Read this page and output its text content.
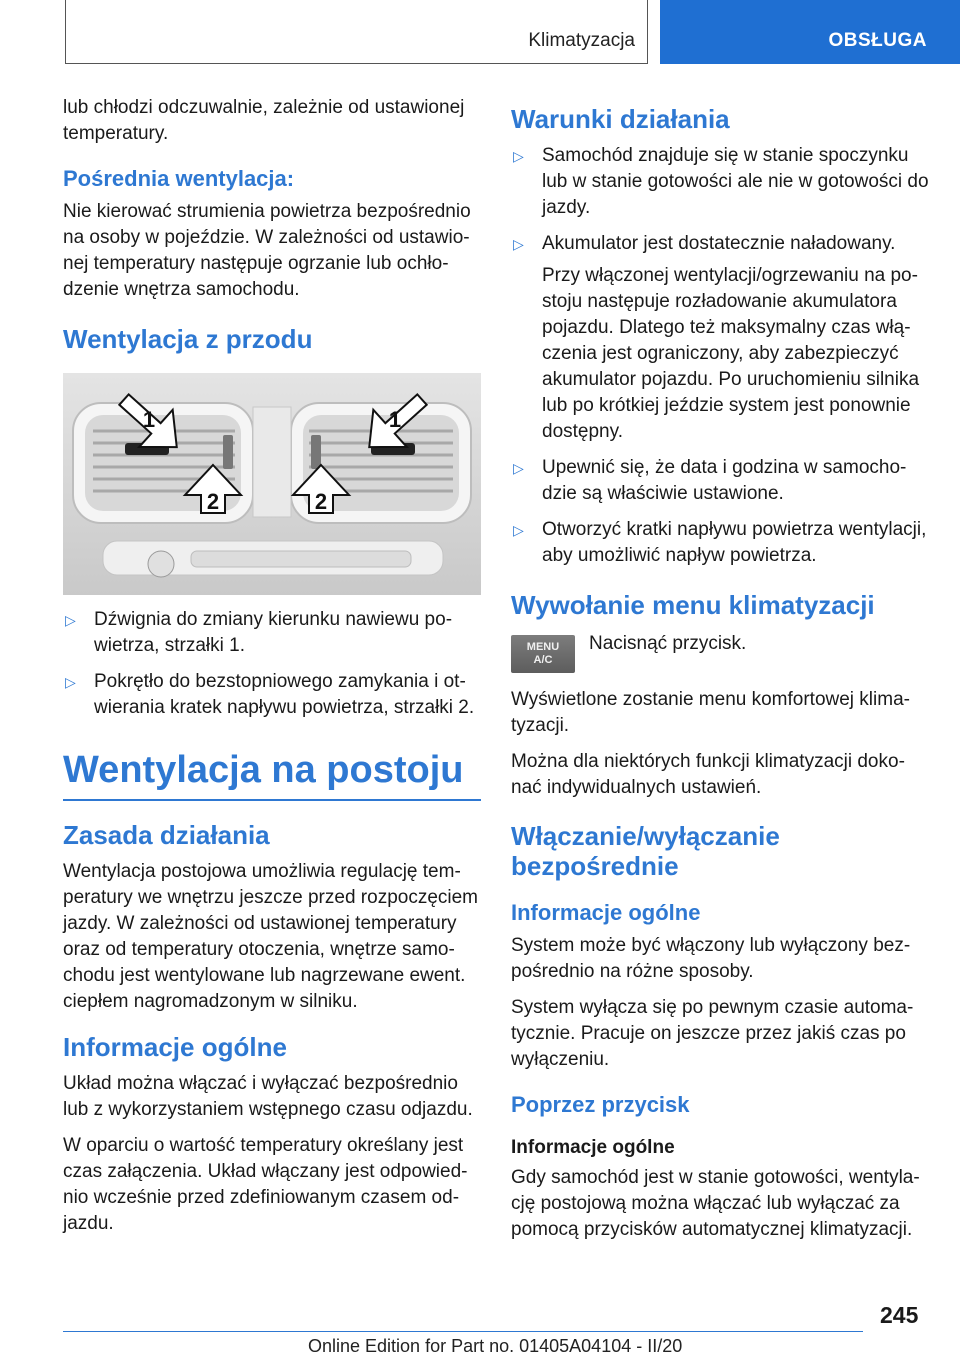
Klimatyzacja	OBSŁUGA

lub chłodzi odczuwalnie, zależnie od ustawionej temperatury.

Pośrednia wentylacja:

Nie kierować strumienia powietrza bezpośrednio na osoby w pojeździe. W zależności od ustawionej temperatury następuje ogrzanie lub ochłodzenie wnętrza samochodu.

Wentylacja z przodu
1
2	2
1
▷ Dźwignia do zmiany kierunku nawiewu powietrza, strzałki 1.
▷ Pokrętło do bezstopniowego zamykania i otwierania kratek napływu powietrza, strzałki 2.
Wentylacja na postoju
Zasada działania

Wentylacja postojowa umożliwia regulację temperatury we wnętrzu jeszcze przed rozpoczęciem jazdy. W zależności od ustawionej temperatury oraz od temperatury otoczenia, wnętrze samochodu jest wentylowane lub nagrzewane ewent. ciepłem nagromadzonym w silniku.

Informacje ogólne

Układ można włączać i wyłączać bezpośrednio lub z wykorzystaniem wstępnego czasu odjazdu.

W oparciu o wartość temperatury określany jest czas załączenia. Układ włączany jest odpowiednio wcześnie przed zdefiniowanym czasem odjazdu.

Warunki działania
▷ Samochód znajduje się w stanie spoczynku lub w stanie gotowości ale nie w gotowości do jazdy.
▷ Akumulator jest dostatecznie naładowany.

Przy włączonej wentylacji/ogrzewaniu na postoju następuje rozładowanie akumulatora pojazdu. Dlatego też maksymalny czas włączenia jest ograniczony, aby zabezpieczyć akumulator pojazdu. Po uruchomieniu silnika lub po krótkiej jeździe system jest ponownie dostępny.

▷ Upewnić się, że data i godzina w samochodzie są właściwie ustawione.
▷ Otworzyć kratki napływu powietrza wentylacji, aby umożliwić napływ powietrza.
Wywołanie menu klimatyzacji
MENU
A/C

Nacisnąć przycisk.

Wyświetlone zostanie menu komfortowej klimatyzacji.

Można dla niektórych funkcji klimatyzacji dokonać indywidualnych ustawień.

Włączanie/wyłączanie bezpośrednie
Informacje ogólne

System może być włączony lub wyłączony bezpośrednio na różne sposoby.

System wyłącza się po pewnym czasie automatycznie. Pracuje on jeszcze przez jakiś czas po wyłączeniu.

Poprzez przycisk
Informacje ogólne

Gdy samochód jest w stanie gotowości, wentylację postojową można włączać lub wyłączać za pomocą przycisków automatycznej klimatyzacji.

245
Online Edition for Part no. 01405A04104 - II/20
